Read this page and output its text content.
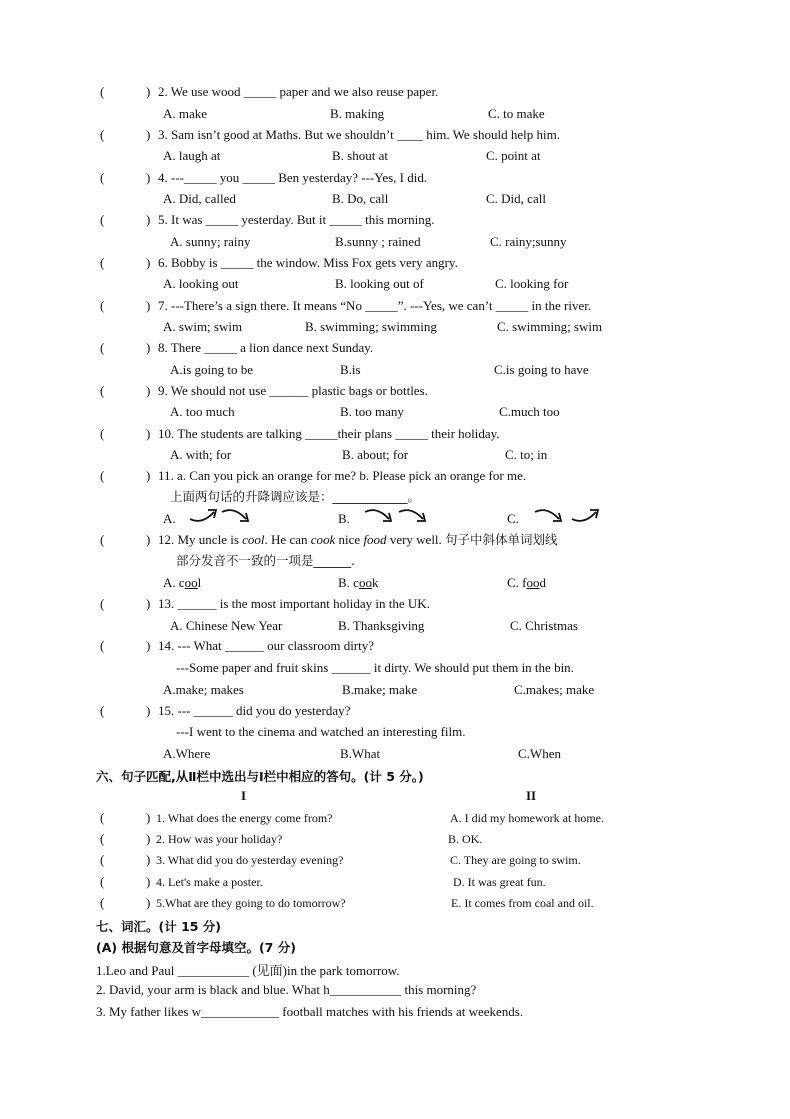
(	) 2. We use wood _____ paper and we also reuse paper.
A. make	B. making	C. to make
(	) 3. Sam isn’t good at Maths. But we shouldn’t ____ him. We should help him.
A. laugh at	B. shout at	C. point at
(	) 4. ---_____ you _____ Ben yesterday? ---Yes, I did.
A. Did, called	B. Do, call	C. Did, call
(	) 5. It was _____ yesterday. But it _____ this morning.
A. sunny; rainy	B.sunny ; rained	C. rainy;sunny
(	) 6. Bobby is _____ the window. Miss Fox gets very angry.
A. looking out	B. looking out of	C. looking for
(	) 7. ---There’s a sign there. It means “No _____”. ---Yes, we can’t _____ in the river.
A. swim; swim	B. swimming; swimming	C. swimming; swim
(	) 8. There _____ a lion dance next Sunday.
A.is going to be	B.is	C.is going to have
(	) 9. We should not use ______ plastic bags or bottles.
A. too much	B. too many	C.much too
(	) 10. The students are talking _____their plans _____ their holiday.
A. with; for	B. about; for	C. to; in
(	) 11. a. Can you pick an orange for me? b. Please pick an orange for me.
上面两句话的升降调应该是：____________。
A.	B.	C.
(	) 12. My uncle is cool. He can cook nice food very well. 句子中斜体单词划线
部分发音不一致的一项是______.
A. cool	B. cook	C. food
(	) 13. ______ is the most important holiday in the UK.
A. Chinese New Year	B. Thanksgiving	C. Christmas
(	) 14. --- What ______ our classroom dirty?
---Some paper and fruit skins ______ it dirty. We should put them in the bin.
A.make; makes	B.make; make	C.makes; make
(	) 15. --- ______ did you do yesterday?
---I went to the cinema and watched an interesting film.
A.Where	B.What	C.When
六、句子匹配,从Ⅱ栏中选出与Ⅰ栏中相应的答句。(计 5 分。)
I	II
(	) 1. What does the energy come from?	A. I did my homework at home.
(	) 2. How was your holiday?	B. OK.
(	) 3. What did you do yesterday evening?	C. They are going to swim.
(	) 4. Let's make a poster.	D. It was great fun.
(	) 5.What are they going to do tomorrow?	E. It comes from coal and oil.
七、词汇。(计 15 分)
(A) 根据句意及首字母填空。(7 分)
1.Leo and Paul ___________ (见面)in the park tomorrow.
2. David, your arm is black and blue. What h___________ this morning?
3. My father likes w____________ football matches with his friends at weekends.
